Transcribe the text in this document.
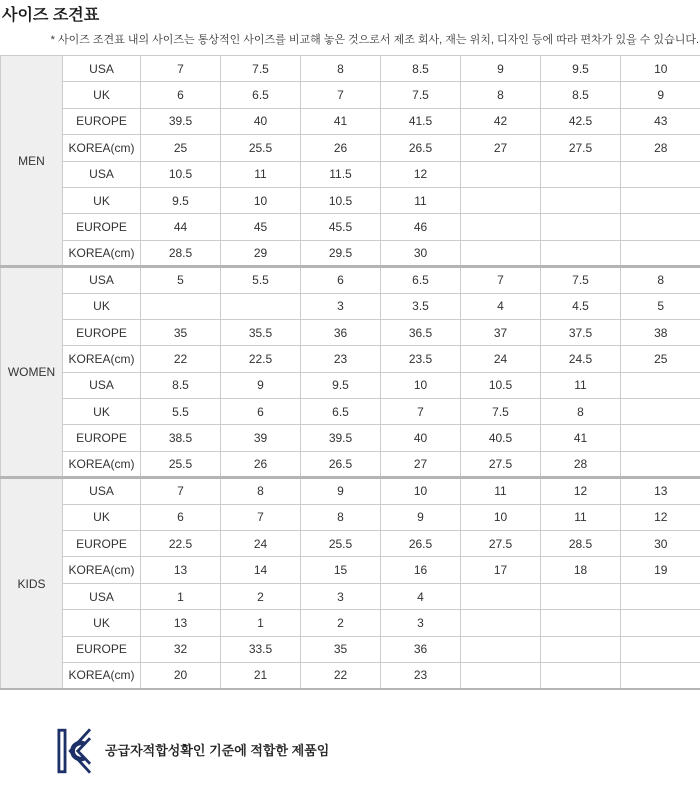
사이즈 조견표
* 사이즈 조견표 내의 사이즈는 통상적인 사이즈를 비교해 놓은 것으로서 제조 회사, 재는 위치, 디자인 등에 따라 편차가 있을 수 있습니다.
MEN	USA	7	7.5	8	8.5	9	9.5	10
	UK	6	6.5	7	7.5	8	8.5	9
	EUROPE	39.5	40	41	41.5	42	42.5	43
	KOREA(cm)	25	25.5	26	26.5	27	27.5	28
	USA	10.5	11	11.5	12			
	UK	9.5	10	10.5	11			
	EUROPE	44	45	45.5	46			
	KOREA(cm)	28.5	29	29.5	30			
WOMEN	USA	5	5.5	6	6.5	7	7.5	8
	UK			3	3.5	4	4.5	5
	EUROPE	35	35.5	36	36.5	37	37.5	38
	KOREA(cm)	22	22.5	23	23.5	24	24.5	25
	USA	8.5	9	9.5	10	10.5	11	
	UK	5.5	6	6.5	7	7.5	8	
	EUROPE	38.5	39	39.5	40	40.5	41	
	KOREA(cm)	25.5	26	26.5	27	27.5	28	
KIDS	USA	7	8	9	10	11	12	13
	UK	6	7	8	9	10	11	12
	EUROPE	22.5	24	25.5	26.5	27.5	28.5	30
	KOREA(cm)	13	14	15	16	17	18	19
	USA	1	2	3	4			
	UK	13	1	2	3			
	EUROPE	32	33.5	35	36			
	KOREA(cm)	20	21	22	23			
공급자적합성확인 기준에 적합한 제품임
